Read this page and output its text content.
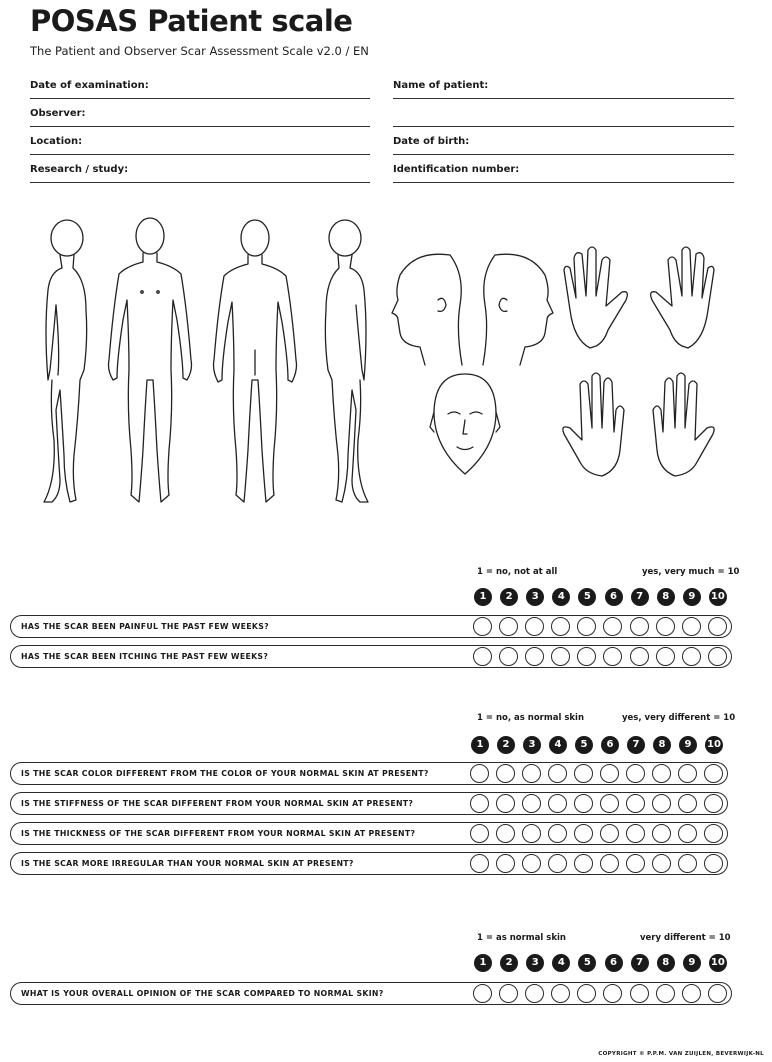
POSAS Patient scale
The Patient and Observer Scar Assessment Scale v2.0 / EN
Date of examination:
Observer:
Location:
Research / study:
Name of patient:
Date of birth:
Identification number:
1 = no, not at all	yes, very much = 10
1	2	3	4	5	6	7	8	9	10
HAS THE SCAR BEEN PAINFUL THE PAST FEW WEEKS?
HAS THE SCAR BEEN ITCHING THE PAST FEW WEEKS?
1 = no, as normal skin	yes, very different = 10
1	2	3	4	5	6	7	8	9	10
IS THE SCAR COLOR DIFFERENT FROM THE COLOR OF YOUR NORMAL SKIN AT PRESENT?
IS THE STIFFNESS OF THE SCAR DIFFERENT FROM YOUR NORMAL SKIN AT PRESENT?
IS THE THICKNESS OF THE SCAR DIFFERENT FROM YOUR NORMAL SKIN AT PRESENT?
IS THE SCAR MORE IRREGULAR THAN YOUR NORMAL SKIN AT PRESENT?
1 = as normal skin	very different = 10
1	2	3	4	5	6	7	8	9	10
WHAT IS YOUR OVERALL OPINION OF THE SCAR COMPARED TO NORMAL SKIN?
COPYRIGHT © P.P.M. VAN ZUIJLEN, BEVERWIJK-NL
